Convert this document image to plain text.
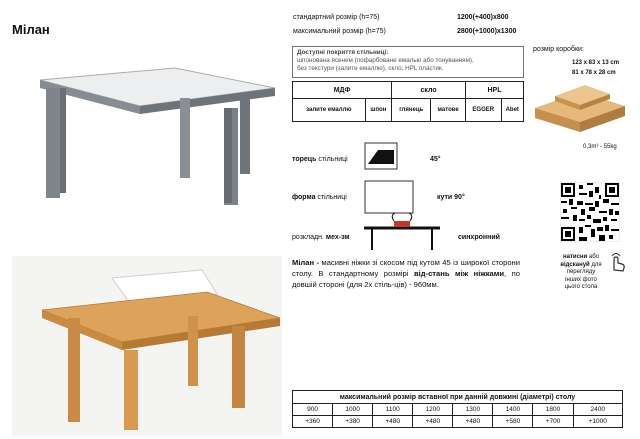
Мілан
стандартний розмір (h=75)	1200(+400)x800
максимальний розмір (h=75)	2800(+1000)x1300
Доступні покриття стільниці:
шпонована ясенем (пофарбоване емалью або тонуванням),
без текстури (залите емаллю), скло, HPL пластик.
МДФ		скло		HPL	
залите емаллю	шпон	глянець	матове	EGGER	Abet
розмір коробки:
123 x 83 x 13 cm
81 x 78 x 28 cm
0,3m³ - 55kg
торець стільниці	45°
форма стільниці	кути 90°
розкладн. мех-зм	синхронний
Мілан - масивні ніжки зі скосом під кутом 45 із широкої сторони столу. В стандартному розмірі від-стань між ніжками, по довшій стороні (для 2х стіль-ців) - 960мм.
натисни або відскануй для перегляду інших фото цього стола
максимальний розмір вставної при данній довжині (діаметрі) столу							
900	1000	1100	1200	1300	1400	1800	2400
+360	+380	+480	+480	+480	+580	+700	+1000
